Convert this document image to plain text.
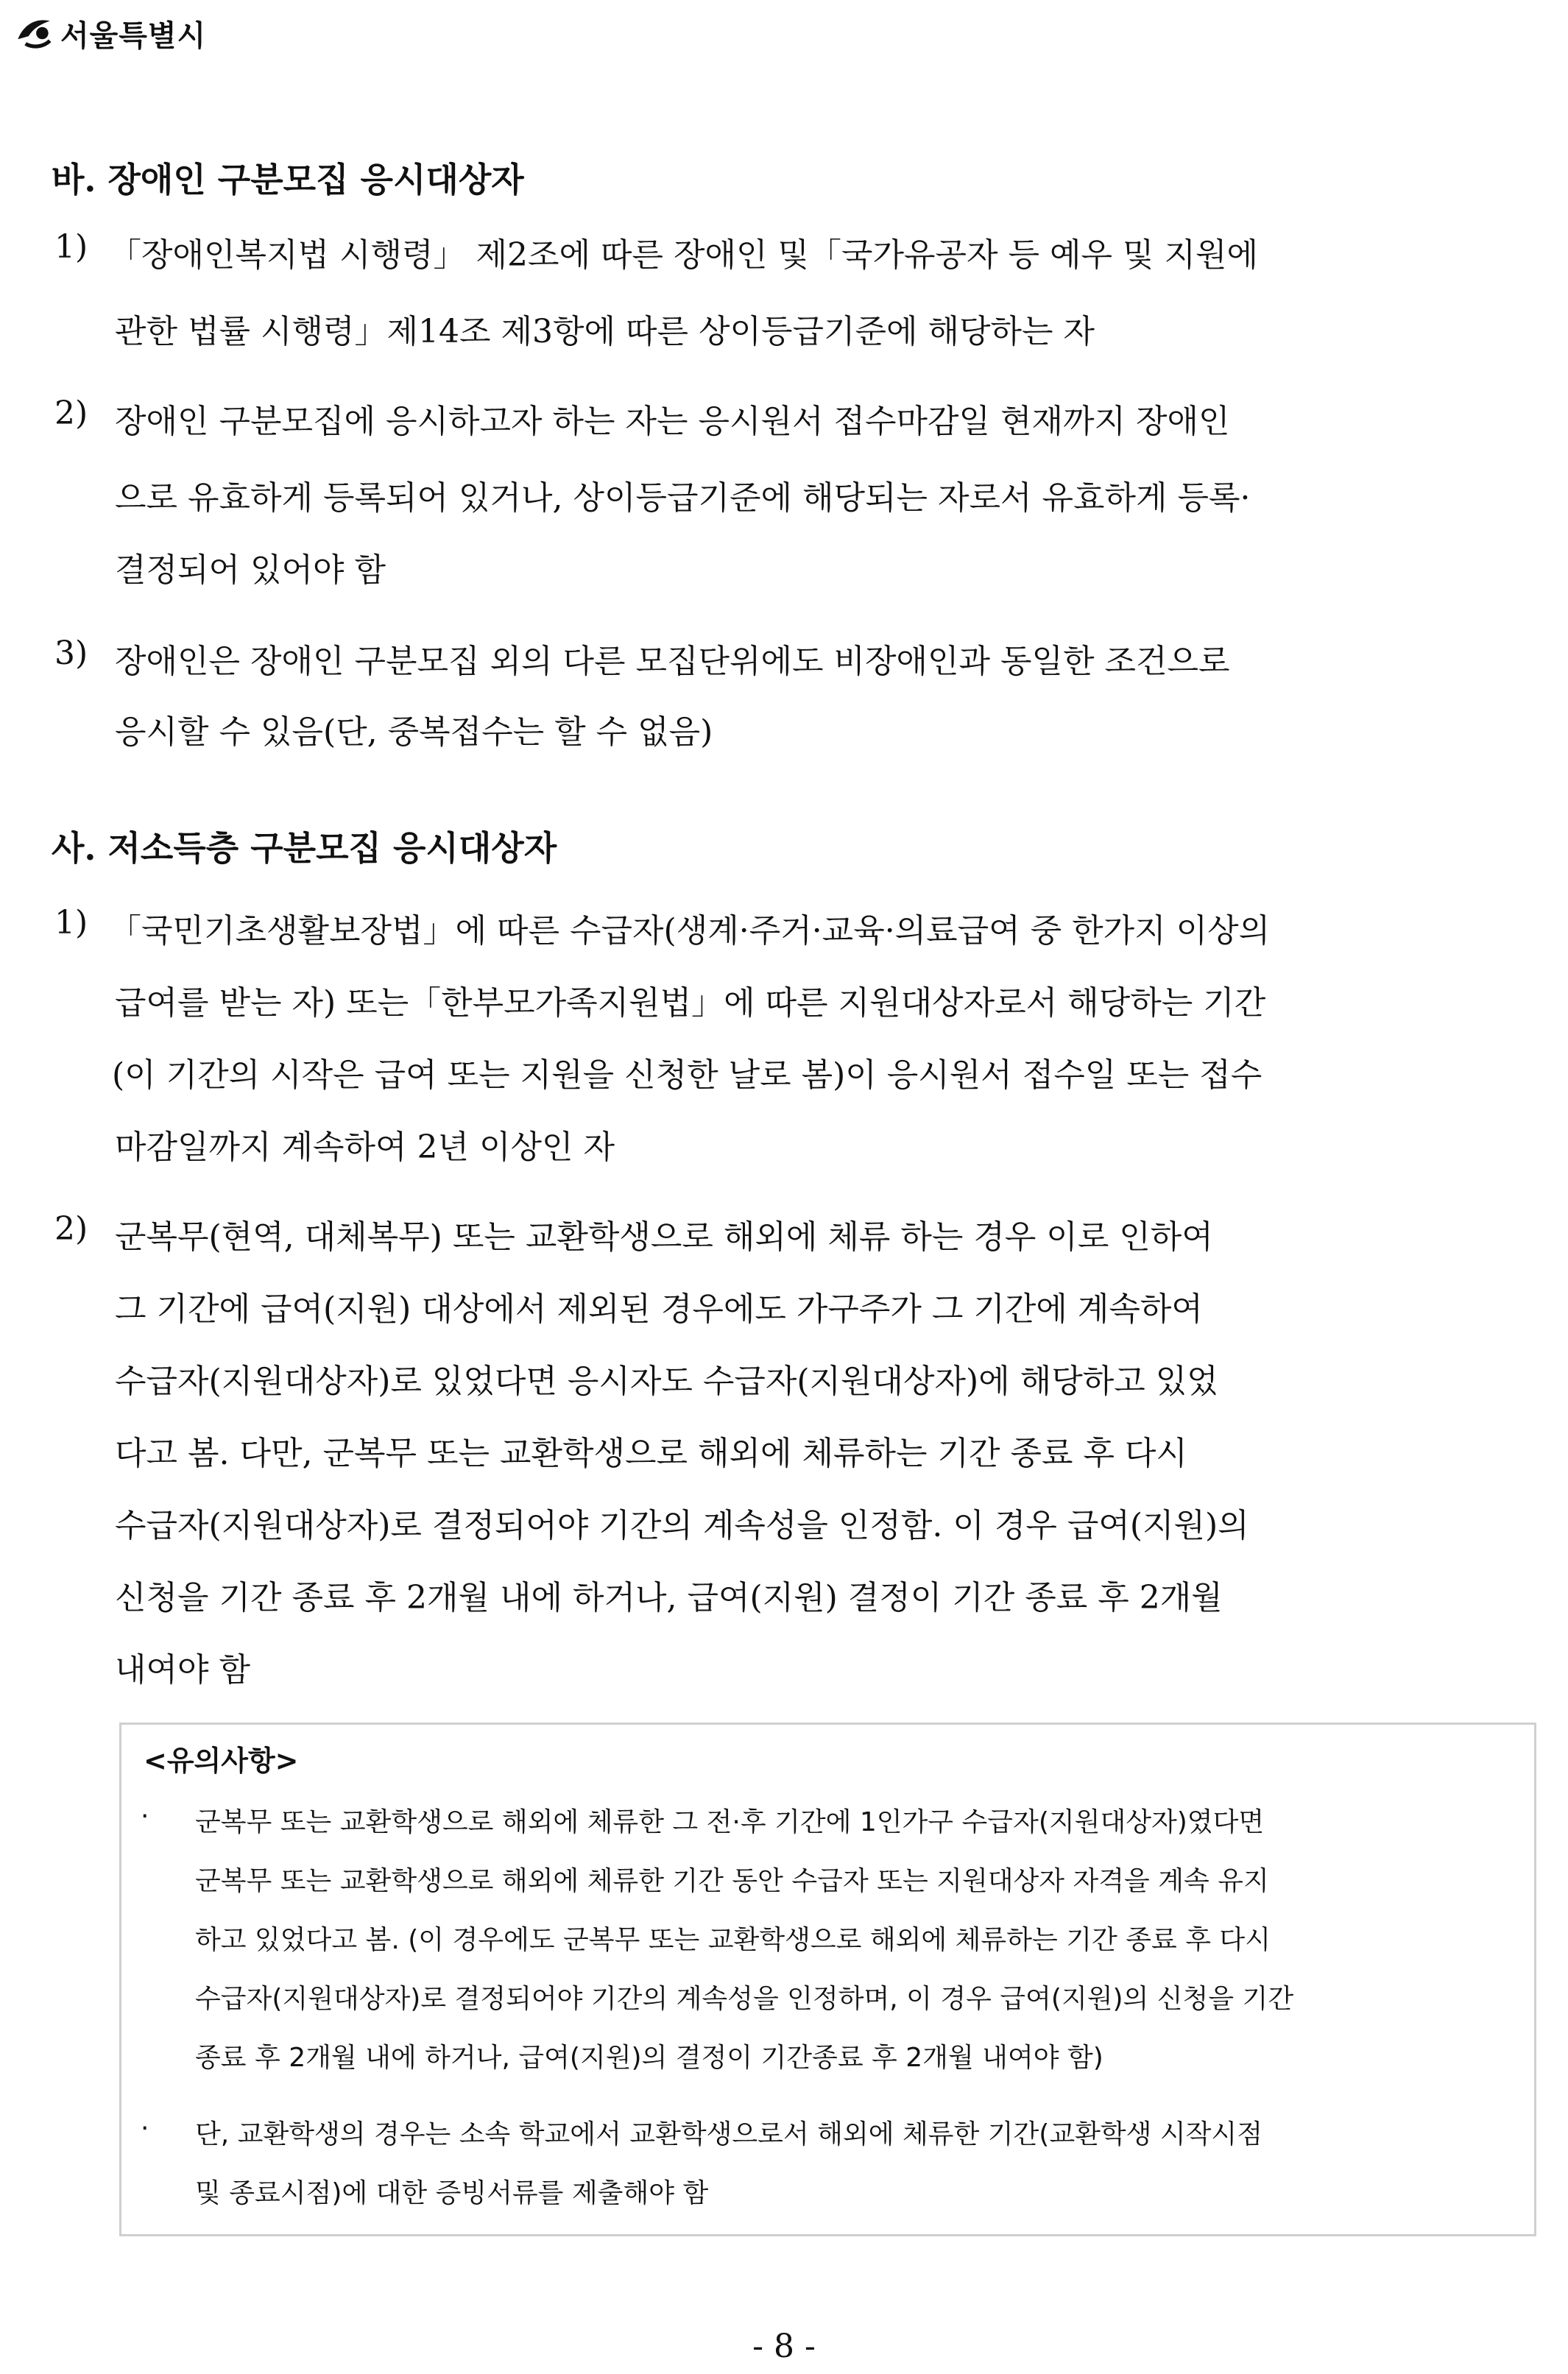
서울특별시
바. 장애인 구분모집 응시대상자
1) 「장애인복지법 시행령」 제2조에 따른 장애인 및「국가유공자 등 예우 및 지원에
관한 법률 시행령」제14조 제3항에 따른 상이등급기준에 해당하는 자
2) 장애인 구분모집에 응시하고자 하는 자는 응시원서 접수마감일 현재까지 장애인
으로 유효하게 등록되어 있거나, 상이등급기준에 해당되는 자로서 유효하게 등록·
결정되어 있어야 함
3) 장애인은 장애인 구분모집 외의 다른 모집단위에도 비장애인과 동일한 조건으로
응시할 수 있음(단, 중복접수는 할 수 없음)
사. 저소득층 구분모집 응시대상자
1) 「국민기초생활보장법」에 따른 수급자(생계·주거·교육·의료급여 중 한가지 이상의
급여를 받는 자) 또는「한부모가족지원법」에 따른 지원대상자로서 해당하는 기간
(이 기간의 시작은 급여 또는 지원을 신청한 날로 봄)이 응시원서 접수일 또는 접수
마감일까지 계속하여 2년 이상인 자
2) 군복무(현역, 대체복무) 또는 교환학생으로 해외에 체류 하는 경우 이로 인하여
그 기간에 급여(지원) 대상에서 제외된 경우에도 가구주가 그 기간에 계속하여
수급자(지원대상자)로 있었다면 응시자도 수급자(지원대상자)에 해당하고 있었
다고 봄. 다만, 군복무 또는 교환학생으로 해외에 체류하는 기간 종료 후 다시
수급자(지원대상자)로 결정되어야 기간의 계속성을 인정함. 이 경우 급여(지원)의
신청을 기간 종료 후 2개월 내에 하거나, 급여(지원) 결정이 기간 종료 후 2개월
내여야 함
<유의사항>
· 군복무 또는 교환학생으로 해외에 체류한 그 전·후 기간에 1인가구 수급자(지원대상자)였다면
군복무 또는 교환학생으로 해외에 체류한 기간 동안 수급자 또는 지원대상자 자격을 계속 유지
하고 있었다고 봄. (이 경우에도 군복무 또는 교환학생으로 해외에 체류하는 기간 종료 후 다시
수급자(지원대상자)로 결정되어야 기간의 계속성을 인정하며, 이 경우 급여(지원)의 신청을 기간
종료 후 2개월 내에 하거나, 급여(지원)의 결정이 기간종료 후 2개월 내여야 함)
· 단, 교환학생의 경우는 소속 학교에서 교환학생으로서 해외에 체류한 기간(교환학생 시작시점
및 종료시점)에 대한 증빙서류를 제출해야 함
- 8 -
